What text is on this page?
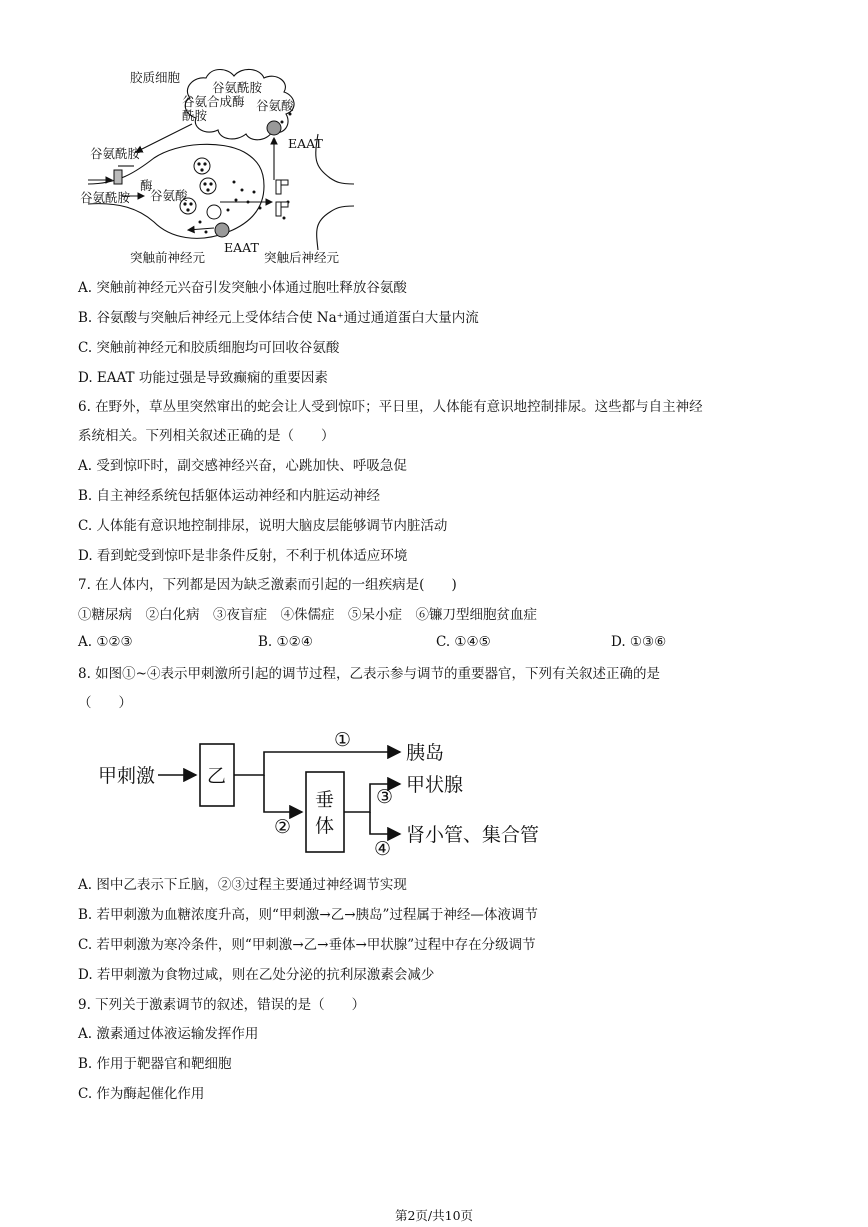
胶质细胞
谷氨酰胺
谷氨合成酶
酰胺
谷氨酸
EAAT
谷氨酰胺
酶
谷氨酰胺 谷氨酸
EAAT
突触前神经元	突触后神经元
A. 突触前神经元兴奋引发突触小体通过胞吐释放谷氨酸
B. 谷氨酸与突触后神经元上受体结合使 Na⁺通过通道蛋白大量内流
C. 突触前神经元和胶质细胞均可回收谷氨酸
D. EAAT 功能过强是导致癫痫的重要因素
6. 在野外，草丛里突然窜出的蛇会让人受到惊吓；平日里，人体能有意识地控制排尿。这些都与自主神经
系统相关。下列相关叙述正确的是（　　）
A. 受到惊吓时，副交感神经兴奋，心跳加快、呼吸急促
B. 自主神经系统包括躯体运动神经和内脏运动神经
C. 人体能有意识地控制排尿，说明大脑皮层能够调节内脏活动
D. 看到蛇受到惊吓是非条件反射，不利于机体适应环境
7. 在人体内，下列都是因为缺乏激素而引起的一组疾病是(　　)
①糖尿病　②白化病　③夜盲症　④侏儒症　⑤呆小症　⑥镰刀型细胞贫血症
A. ①②③	B. ①②④	C. ①④⑤	D. ①③⑥
8. 如图①~④表示甲刺激所引起的调节过程，乙表示参与调节的重要器官，下列有关叙述正确的是
（　　）
甲刺激	乙
①
胰岛
②
垂
体
③
甲状腺
④
肾小管、集合管
A. 图中乙表示下丘脑，②③过程主要通过神经调节实现
B. 若甲刺激为血糖浓度升高，则“甲刺激→乙→胰岛”过程属于神经—体液调节
C. 若甲刺激为寒冷条件，则“甲刺激→乙→垂体→甲状腺”过程中存在分级调节
D. 若甲刺激为食物过咸，则在乙处分泌的抗利尿激素会减少
9. 下列关于激素调节的叙述，错误的是（　　）
A. 激素通过体液运输发挥作用
B. 作用于靶器官和靶细胞
C. 作为酶起催化作用
第2页/共10页
